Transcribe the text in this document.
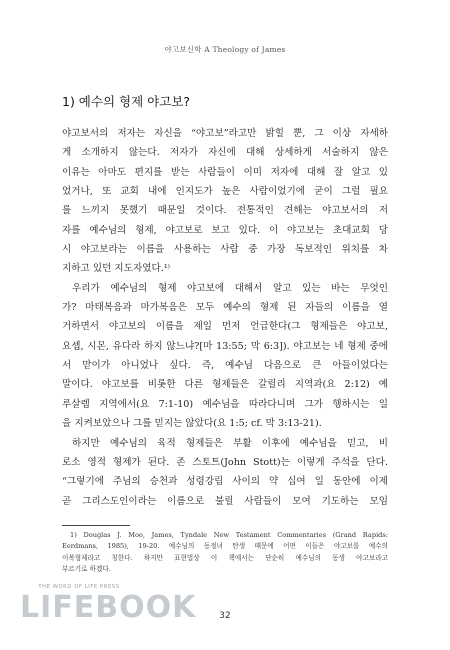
야고보신학 A Theology of James
1) 예수의 형제 야고보?
야고보서의 저자는 자신을 “야고보”라고만 밝힐 뿐, 그 이상 자세하
게 소개하지 않는다. 저자가 자신에 대해 상세하게 서술하지 않은
이유는 아마도 편지를 받는 사람들이 이미 저자에 대해 잘 알고 있
었거나, 또 교회 내에 인지도가 높은 사람이었기에 굳이 그럴 필요
를 느끼지 못했기 때문일 것이다. 전통적인 견해는 야고보서의 저
자를 예수님의 형제, 야고보로 보고 있다. 이 야고보는 초대교회 당
시 야고보라는 이름을 사용하는 사람 중 가장 독보적인 위치를 차
지하고 있던 지도자였다.¹⁾
우리가 예수님의 형제 야고보에 대해서 알고 있는 바는 무엇인
가? 마태복음과 마가복음은 모두 예수의 형제 된 자들의 이름을 열
거하면서 야고보의 이름을 제일 먼저 언급한다(그 형제들은 야고보,
요셉, 시몬, 유다라 하지 않느냐?[마 13:55; 막 6:3]). 야고보는 네 형제 중에
서 맏이가 아니었나 싶다. 즉, 예수님 다음으로 큰 아들이었다는
말이다. 야고보를 비롯한 다른 형제들은 갈릴리 지역과(요 2:12) 예
루살렘 지역에서(요 7:1-10) 예수님을 따라다니며 그가 행하시는 일
을 지켜보았으나 그를 믿지는 않았다(요 1:5; cf. 막 3:13-21).
하지만 예수님의 육적 형제들은 부활 이후에 예수님을 믿고, 비
로소 영적 형제가 된다. 존 스토트(John Stott)는 이렇게 주석을 단다.
“그렇기에 주님의 승천과 성령강림 사이의 약 십여 일 동안에 이제
곧 그리스도인이라는 이름으로 불릴 사람들이 모여 기도하는 모임
1) Douglas J. Moo, James, Tyndale New Testament Commentaries (Grand Rapids:
Eerdmans, 1985), 19-20. 예수님의 동정녀 탄생 때문에 어떤 이들은 야고보를 예수의
이복형제라고 칭한다. 하지만 표현법상 이 책에서는 단순히 예수님의 동생 야고보라고
부르기로 하겠다.
THE WORD OF LIFE PRESS
LIFEBOOK	32
